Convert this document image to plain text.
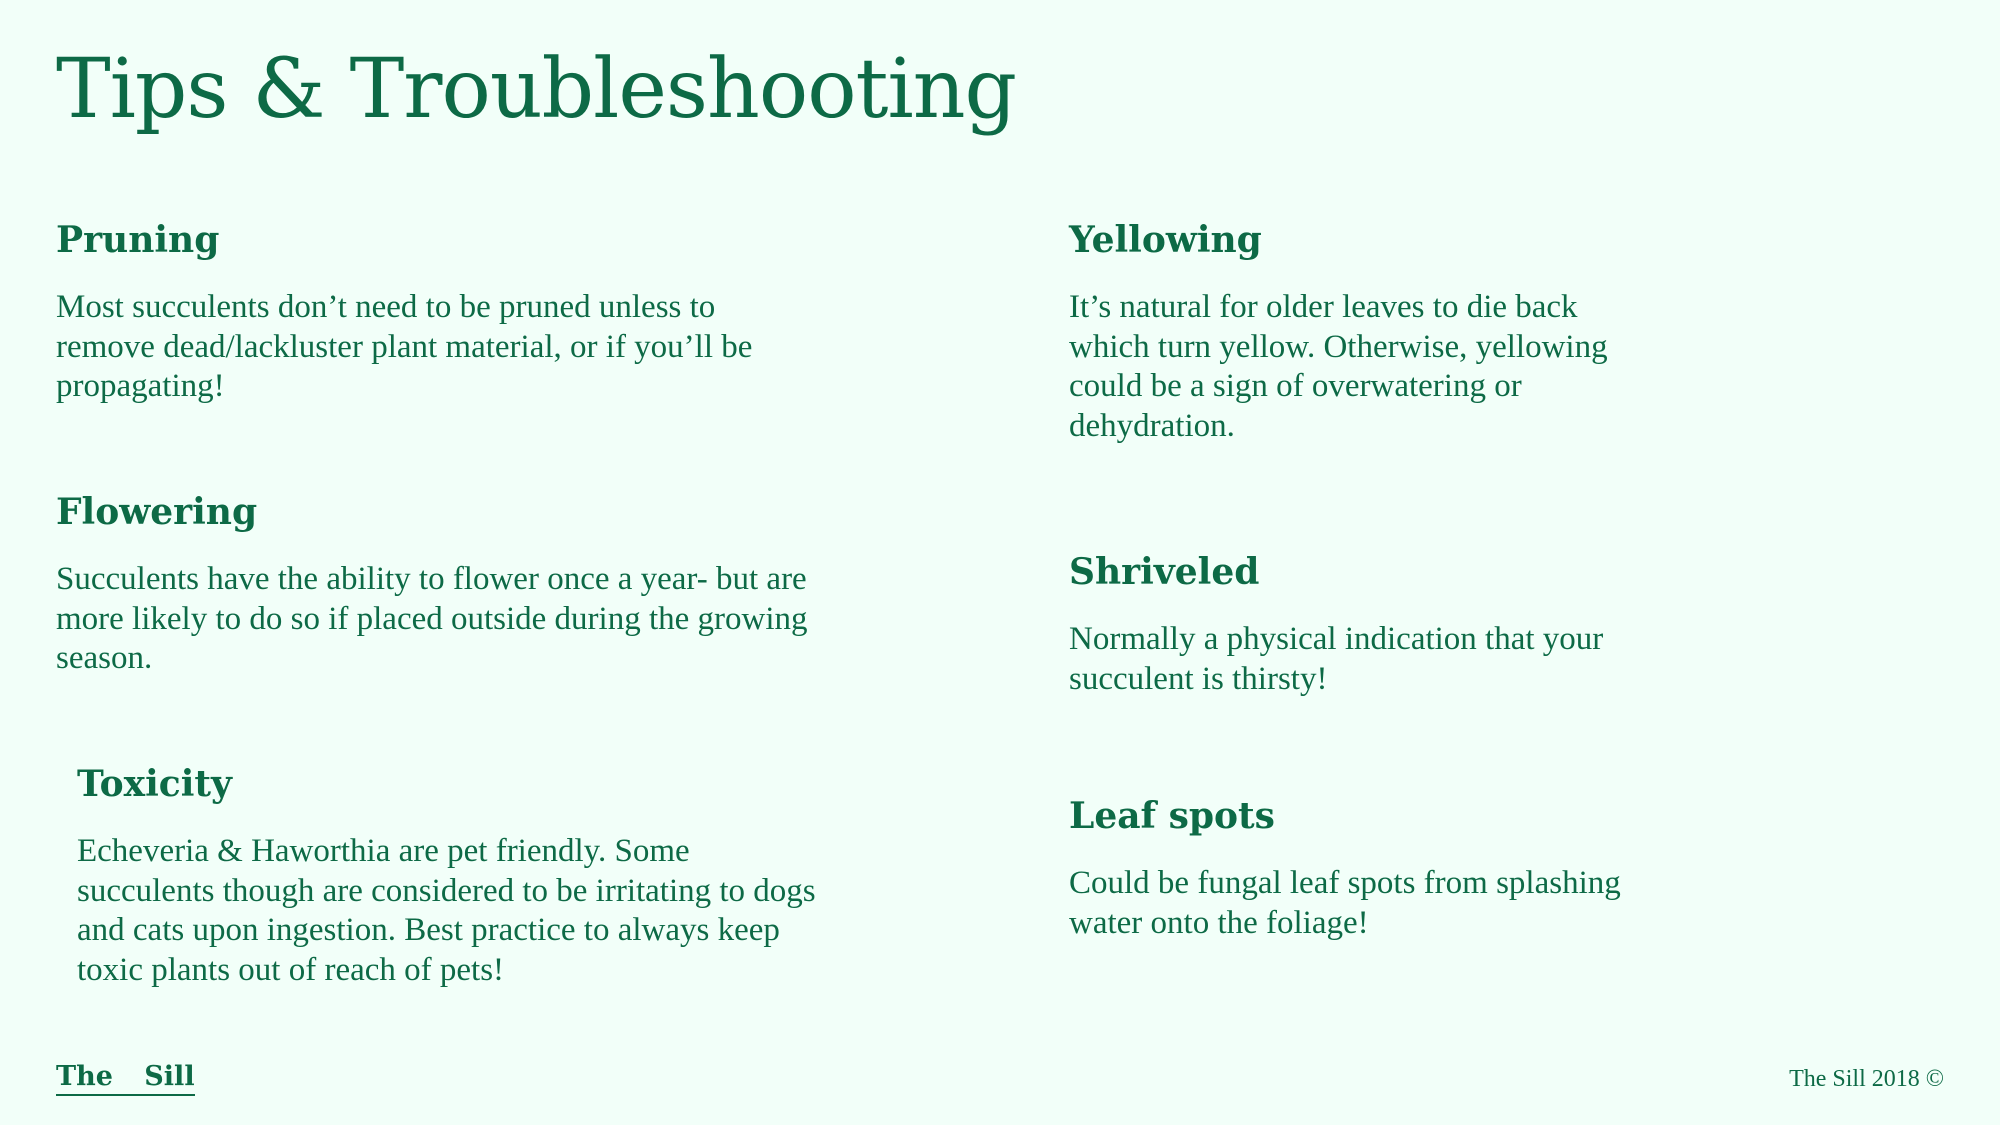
Tips & Troubleshooting
Pruning

Most succulents don’t need to be pruned unless to remove dead/lackluster plant material, or if you’ll be propagating!

Flowering

Succulents have the ability to flower once a year- but are more likely to do so if placed outside during the growing season.

Toxicity

Echeveria & Haworthia are pet friendly. Some succulents though are considered to be irritating to dogs and cats upon ingestion. Best practice to always keep toxic plants out of reach of pets!

Yellowing

It’s natural for older leaves to die back which turn yellow. Otherwise, yellowing could be a sign of overwatering or dehydration.

Shriveled

Normally a physical indication that your succulent is thirsty!

Leaf spots

Could be fungal leaf spots from splashing water onto the foliage!

The Sill	The Sill 2018 ©
